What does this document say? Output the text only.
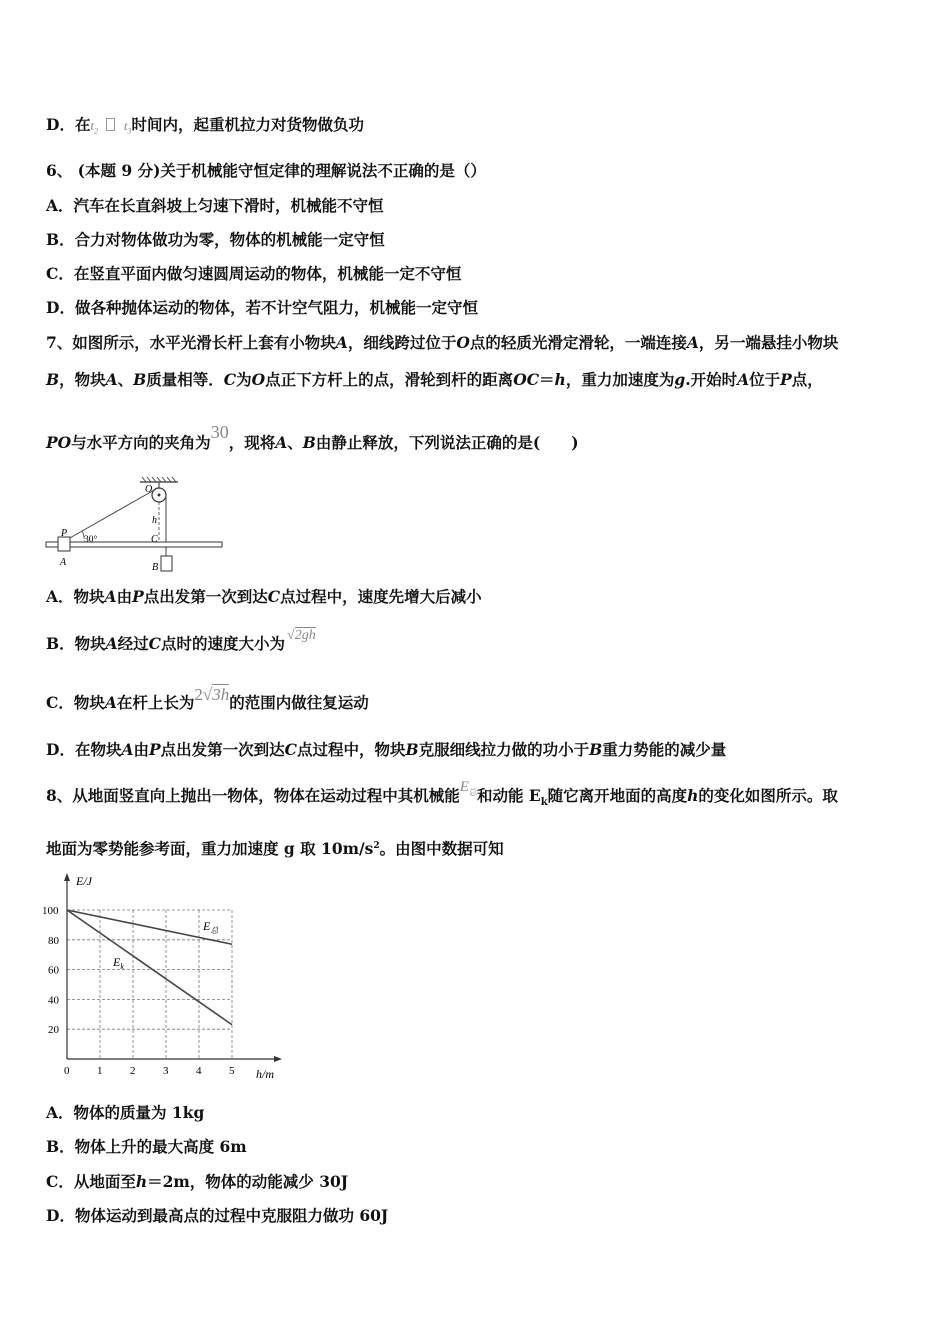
D．在$t_2$ $t_3$时间内，起重机拉力对货物做负功
6、 (本题 9 分)关于机械能守恒定律的理解说法不正确的是（）
A．汽车在长直斜坡上匀速下滑时，机械能不守恒
B．合力对物体做功为零，物体的机械能一定守恒
C．在竖直平面内做匀速圆周运动的物体，机械能一定不守恒
D．做各种抛体运动的物体，若不计空气阻力，机械能一定守恒
7、如图所示，水平光滑长杆上套有小物块A，细线跨过位于O点的轻质光滑定滑轮，一端连接A，另一端悬挂小物块
B，物块A、B质量相等．C为O点正下方杆上的点，滑轮到杆的距离OC＝h，重力加速度为g.开始时A位于P点，
PO与水平方向的夹角为30，现将A、B由静止释放，下列说法正确的是(　　)
O
h
P
30°	C
A	B
A．物块A由P点出发第一次到达C点过程中，速度先增大后减小
B．物块A经过C点时的速度大小为 √2gh
C．物块A在杆上长为2√3h的范围内做往复运动
D．在物块A由P点出发第一次到达C点过程中，物块B克服细线拉力做的功小于B重力势能的减少量
8、从地面竖直向上抛出一物体，物体在运动过程中其机械能$E_总$和动能 $E_k$随它离开地面的高度h的变化如图所示。取
地面为零势能参考面，重力加速度 g 取 $10m/s^2$。由图中数据可知
E/J
h/m
0	1	2	3	4	5
20
40
60
80
100
$E_总$
$E_k$
A．物体的质量为 1kg
B．物体上升的最大高度 6m
C．从地面至h＝2m，物体的动能减少 30J
D．物体运动到最高点的过程中克服阻力做功 60J
